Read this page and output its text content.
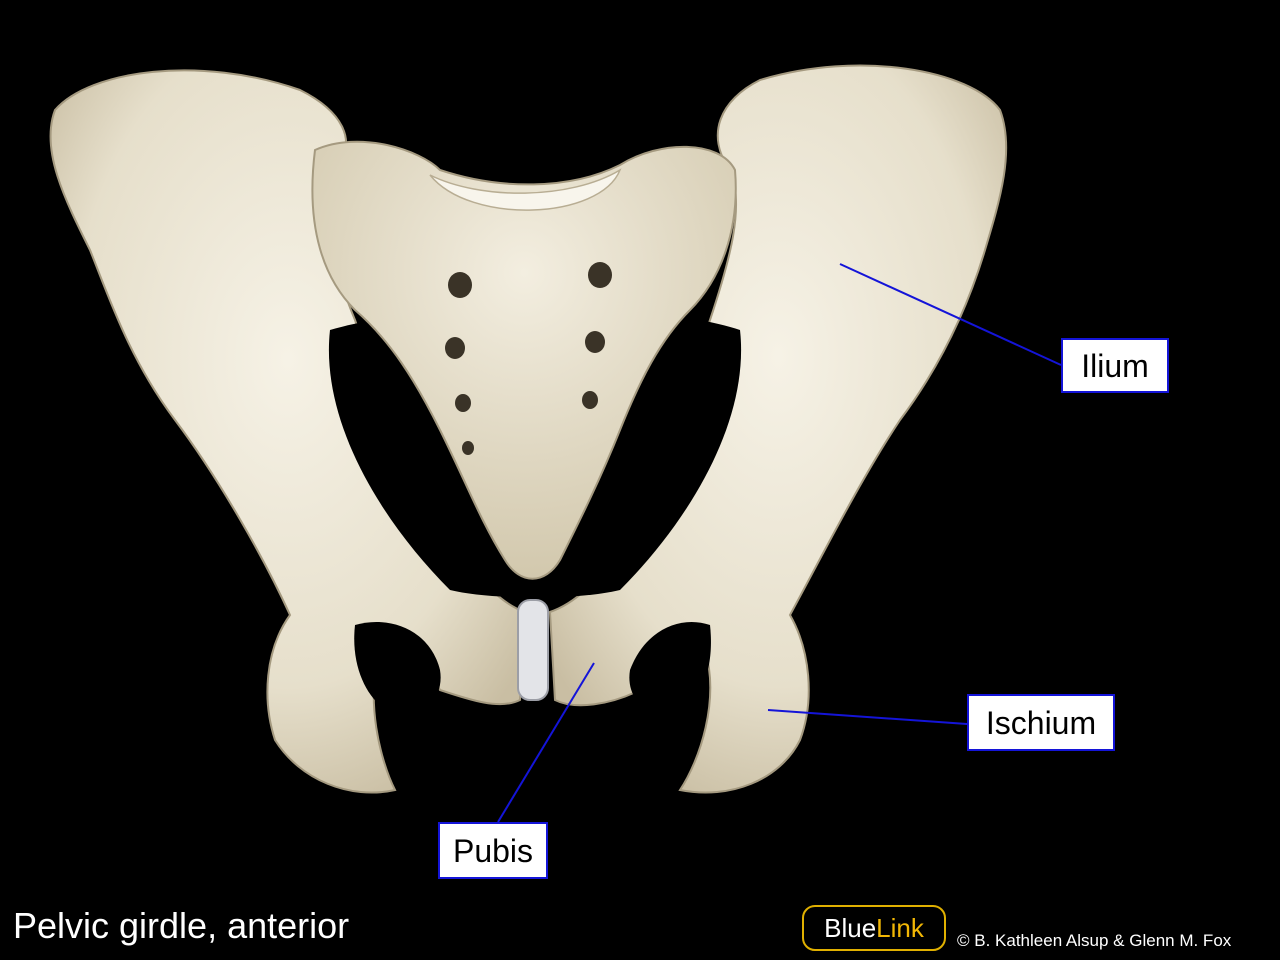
Ilium
Ischium
Pubis
Pelvic girdle, anterior	Blue Link © B. Kathleen Alsup & Glenn M. Fox
